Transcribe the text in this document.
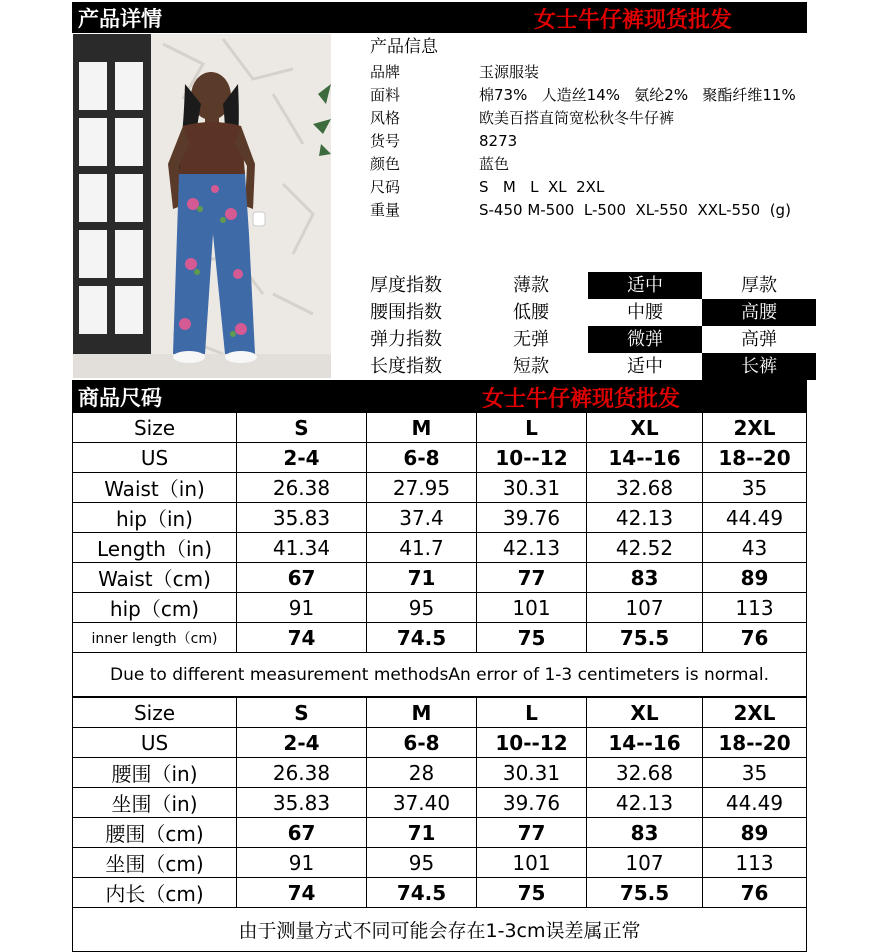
产品详情	女士牛仔裤现货批发
产品信息
品牌	玉源服装
面料	棉73%   人造丝14%   氨纶2%   聚酯纤维11%
风格	欧美百搭直筒宽松秋冬牛仔裤
货号	8273
颜色	蓝色
尺码	S   M   L  XL  2XL
重量	S-450 M-500  L-500  XL-550  XXL-550  (g)
厚度指数	薄款	适中	厚款
腰围指数	低腰	中腰	高腰
弹力指数	无弹	微弹	高弹
长度指数	短款	适中	长裤
商品尺码	女士牛仔裤现货批发
Size	S	M	L	XL	2XL
US	2-4	6-8	10--12	14--16	18--20
Waist（in)	26.38	27.95	30.31	32.68	35
hip（in)	35.83	37.4	39.76	42.13	44.49
Length（in)	41.34	41.7	42.13	42.52	43
Waist（cm)	67	71	77	83	89
hip（cm)	91	95	101	107	113
inner length（cm)	74	74.5	75	75.5	76
Due to different measurement methodsAn error of 1-3 centimeters is normal.					
Size	S	M	L	XL	2XL
US	2-4	6-8	10--12	14--16	18--20
腰围（in)	26.38	28	30.31	32.68	35
坐围（in)	35.83	37.40	39.76	42.13	44.49
腰围（cm)	67	71	77	83	89
坐围（cm)	91	95	101	107	113
内长（cm)	74	74.5	75	75.5	76
由于测量方式不同可能会存在1-3cm误差属正常					
